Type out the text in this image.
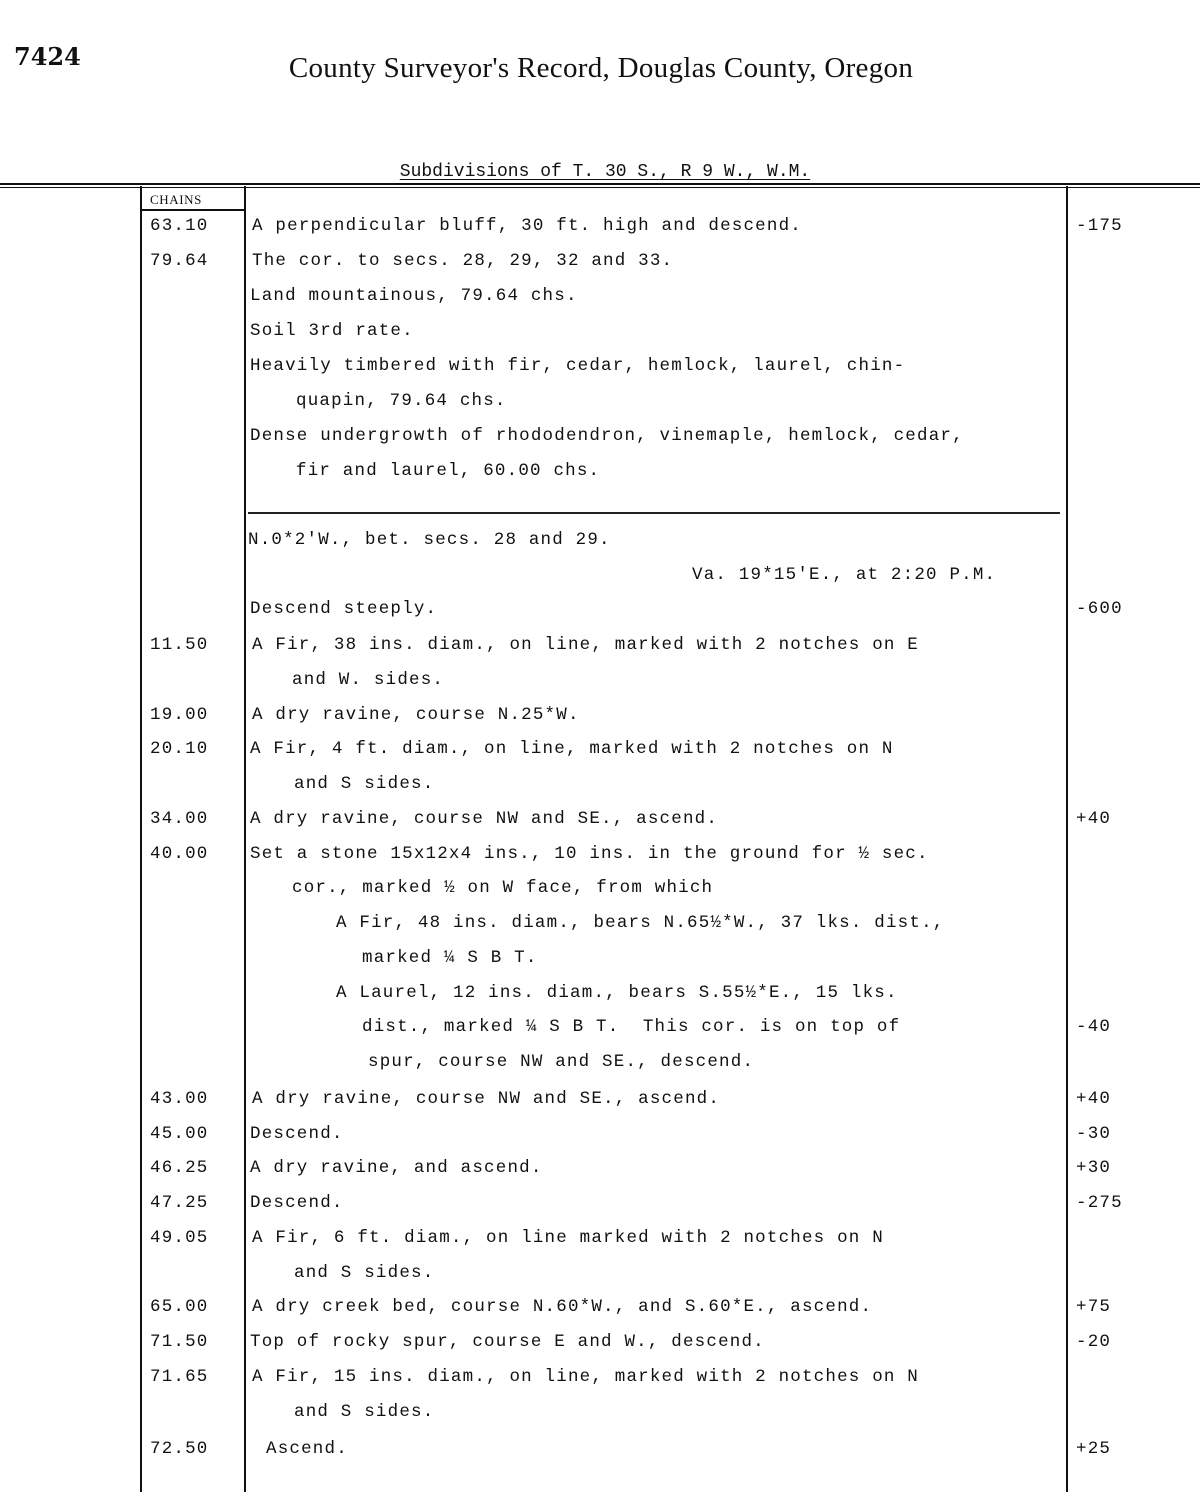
7424	County Surveyor's Record, Douglas County, Oregon
Subdivisions of T. 30 S., R 9 W., W.M.
CHAINS
63.10 A perpendicular bluff, 30 ft. high and descend.	-175
79.64 The cor. to secs. 28, 29, 32 and 33.
Land mountainous, 79.64 chs.
Soil 3rd rate.
Heavily timbered with fir, cedar, hemlock, laurel, chin-
quapin, 79.64 chs.
Dense undergrowth of rhododendron, vinemaple, hemlock, cedar,
fir and laurel, 60.00 chs.
N.0*2'W., bet. secs. 28 and 29.
Va. 19*15'E., at 2:20 P.M.
Descend steeply.	-600
11.50 A Fir, 38 ins. diam., on line, marked with 2 notches on E
and W. sides.
19.00 A dry ravine, course N.25*W.
20.10 A Fir, 4 ft. diam., on line, marked with 2 notches on N
and S sides.
34.00 A dry ravine, course NW and SE., ascend.	+40
40.00 Set a stone 15x12x4 ins., 10 ins. in the ground for ½ sec.
cor., marked ½ on W face, from which
A Fir, 48 ins. diam., bears N.65½*W., 37 lks. dist.,
marked ¼ S B T.
A Laurel, 12 ins. diam., bears S.55½*E., 15 lks.
dist., marked ¼ S B T.  This cor. is on top of	-40
spur, course NW and SE., descend.
43.00 A dry ravine, course NW and SE., ascend.	+40
45.00 Descend.	-30
46.25 A dry ravine, and ascend.	+30
47.25 Descend.	-275
49.05 A Fir, 6 ft. diam., on line marked with 2 notches on N
and S sides.
65.00 A dry creek bed, course N.60*W., and S.60*E., ascend.	+75
71.50 Top of rocky spur, course E and W., descend.	-20
71.65 A Fir, 15 ins. diam., on line, marked with 2 notches on N
and S sides.
72.50	Ascend.	+25
